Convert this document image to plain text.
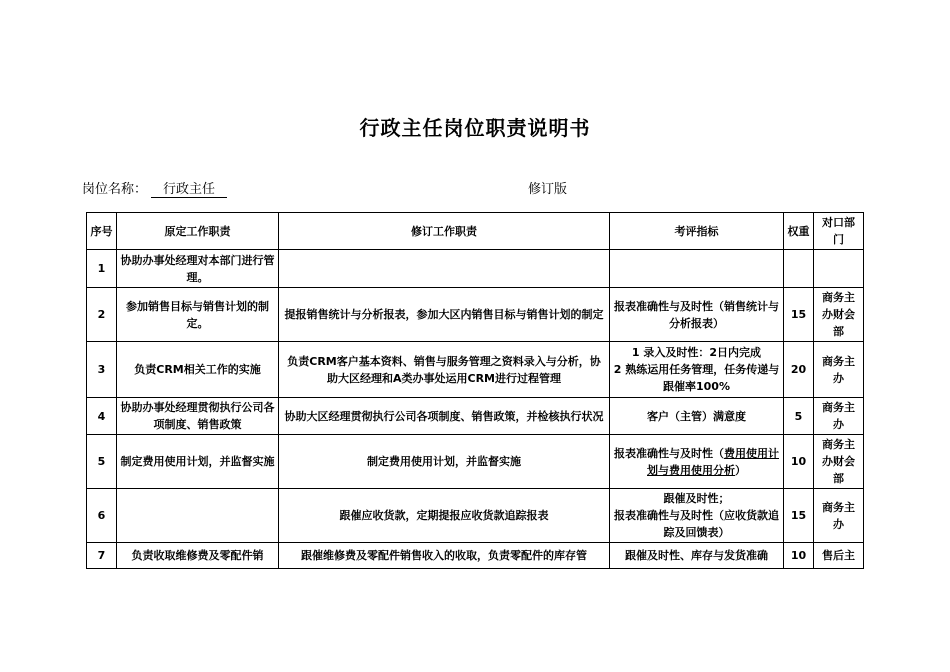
行政主任岗位职责说明书
岗位名称： 行政主任	修订版
序号	原定工作职责	修订工作职责	考评指标	权重	对口部门
1	协助办事处经理对本部门进行管理。				
2	参加销售目标与销售计划的制定。	提报销售统计与分析报表，参加大区内销售目标与销售计划的制定	报表准确性与及时性（销售统计与分析报表）	15	商务主办财会部
3	负责CRM相关工作的实施	负责CRM客户基本资料、销售与服务管理之资料录入与分析，协助大区经理和A类办事处运用CRM进行过程管理	1 录入及时性：2日内完成
2 熟练运用任务管理，任务传递与跟催率100%	20	商务主办
4	协助办事处经理贯彻执行公司各项制度、销售政策	协助大区经理贯彻执行公司各项制度、销售政策，并检核执行状况	客户（主管）满意度	5	商务主办
5	制定费用使用计划，并监督实施	制定费用使用计划，并监督实施	报表准确性与及时性（费用使用计划与费用使用分析）	10	商务主办财会部
6		跟催应收货款，定期提报应收货款追踪报表	跟催及时性；
报表准确性与及时性（应收货款追踪及回馈表）	15	商务主办
7	负责收取维修费及零配件销	跟催维修费及零配件销售收入的收取，负责零配件的库存管	跟催及时性、库存与发货准确	10	售后主
